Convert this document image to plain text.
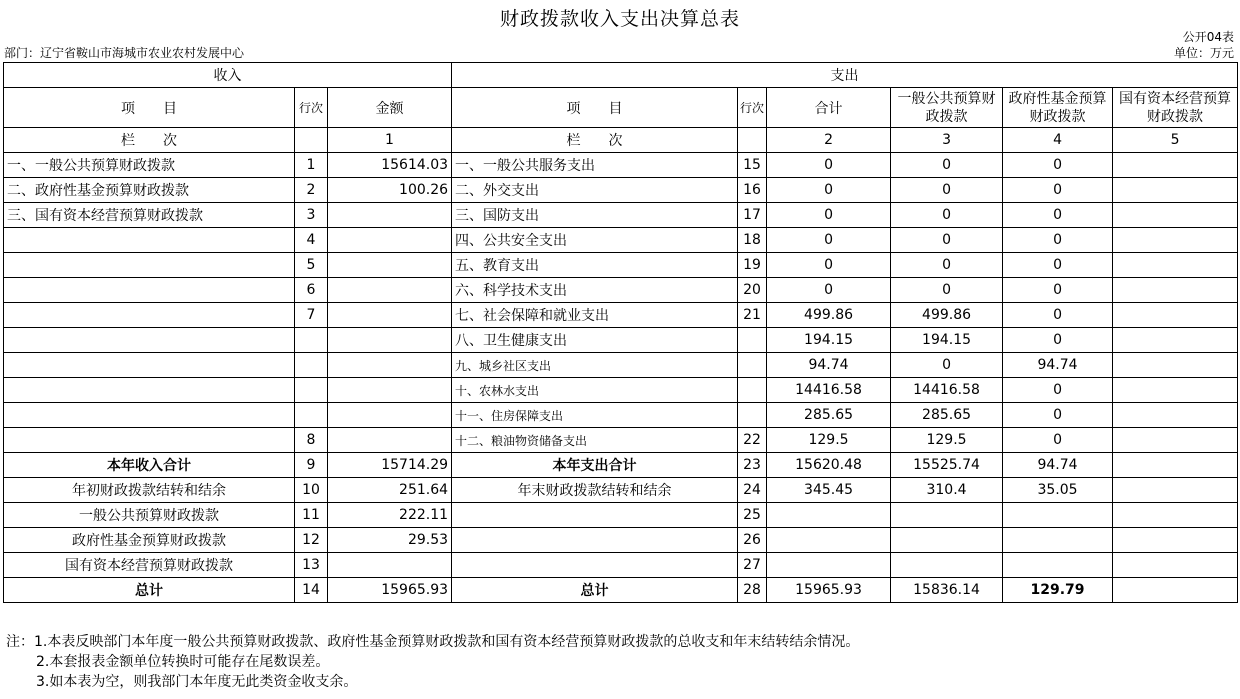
财政拨款收入支出决算总表
公开04表
部门：辽宁省鞍山市海城市农业农村发展中心	单位：万元
收入			支出					
项　　目	行次	金额	项　　目	行次	合计	一般公共预算财政拨款	政府性基金预算财政拨款	国有资本经营预算财政拨款
栏　　次		1	栏　　次		2	3	4	5
一、一般公共预算财政拨款	1	15614.03	一、一般公共服务支出	15	0	0	0	
二、政府性基金预算财政拨款	2	100.26	二、外交支出	16	0	0	0	
三、国有资本经营预算财政拨款	3		三、国防支出	17	0	0	0	
	4		四、公共安全支出	18	0	0	0	
	5		五、教育支出	19	0	0	0	
	6		六、科学技术支出	20	0	0	0	
	7		七、社会保障和就业支出	21	499.86	499.86	0	
			八、卫生健康支出		194.15	194.15	0	
			九、城乡社区支出		94.74	0	94.74	
			十、农林水支出		14416.58	14416.58	0	
			十一、住房保障支出		285.65	285.65	0	
	8		十二、粮油物资储备支出	22	129.5	129.5	0	
本年收入合计	9	15714.29	本年支出合计	23	15620.48	15525.74	94.74	
年初财政拨款结转和结余	10	251.64	年末财政拨款结转和结余	24	345.45	310.4	35.05	
一般公共预算财政拨款	11	222.11		25				
政府性基金预算财政拨款	12	29.53		26				
国有资本经营预算财政拨款	13			27				
总计	14	15965.93	总计	28	15965.93	15836.14	129.79	
注：1.本表反映部门本年度一般公共预算财政拨款、政府性基金预算财政拨款和国有资本经营预算财政拨款的总收支和年末结转结余情况。
2.本套报表金额单位转换时可能存在尾数误差。
3.如本表为空，则我部门本年度无此类资金收支余。
